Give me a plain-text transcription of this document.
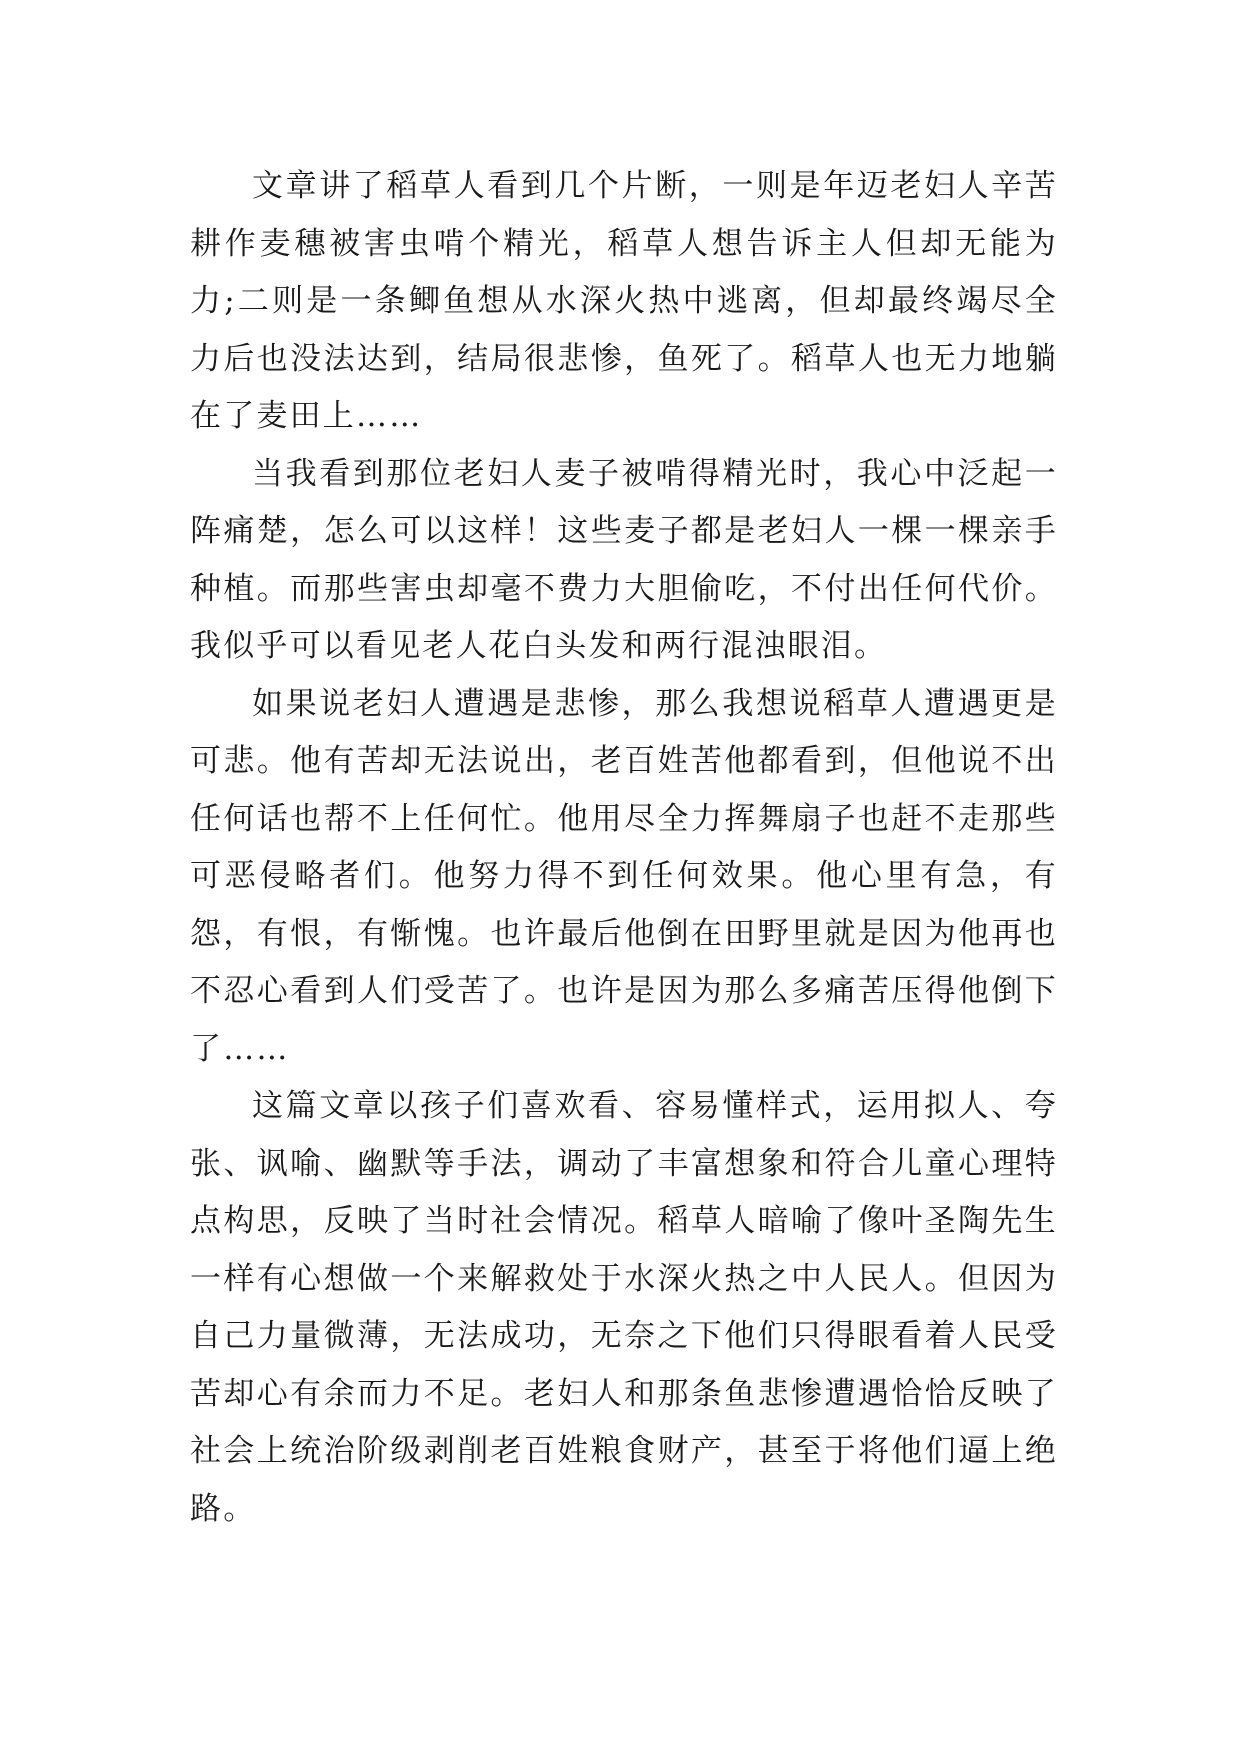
文章讲了稻草人看到几个片断，一则是年迈老妇人辛苦耕作麦穗被害虫啃个精光，稻草人想告诉主人但却无能为力;二则是一条鲫鱼想从水深火热中逃离，但却最终竭尽全力后也没法达到，结局很悲惨，鱼死了。稻草人也无力地躺在了麦田上……

当我看到那位老妇人麦子被啃得精光时，我心中泛起一阵痛楚，怎么可以这样！这些麦子都是老妇人一棵一棵亲手种植。而那些害虫却毫不费力大胆偷吃，不付出任何代价。我似乎可以看见老人花白头发和两行混浊眼泪。

如果说老妇人遭遇是悲惨，那么我想说稻草人遭遇更是可悲。他有苦却无法说出，老百姓苦他都看到，但他说不出任何话也帮不上任何忙。他用尽全力挥舞扇子也赶不走那些可恶侵略者们。他努力得不到任何效果。他心里有急，有怨，有恨，有惭愧。也许最后他倒在田野里就是因为他再也不忍心看到人们受苦了。也许是因为那么多痛苦压得他倒下了……

这篇文章以孩子们喜欢看、容易懂样式，运用拟人、夸张、讽喻、幽默等手法，调动了丰富想象和符合儿童心理特点构思，反映了当时社会情况。稻草人暗喻了像叶圣陶先生一样有心想做一个来解救处于水深火热之中人民人。但因为自己力量微薄，无法成功，无奈之下他们只得眼看着人民受苦却心有余而力不足。老妇人和那条鱼悲惨遭遇恰恰反映了社会上统治阶级剥削老百姓粮食财产，甚至于将他们逼上绝路。
